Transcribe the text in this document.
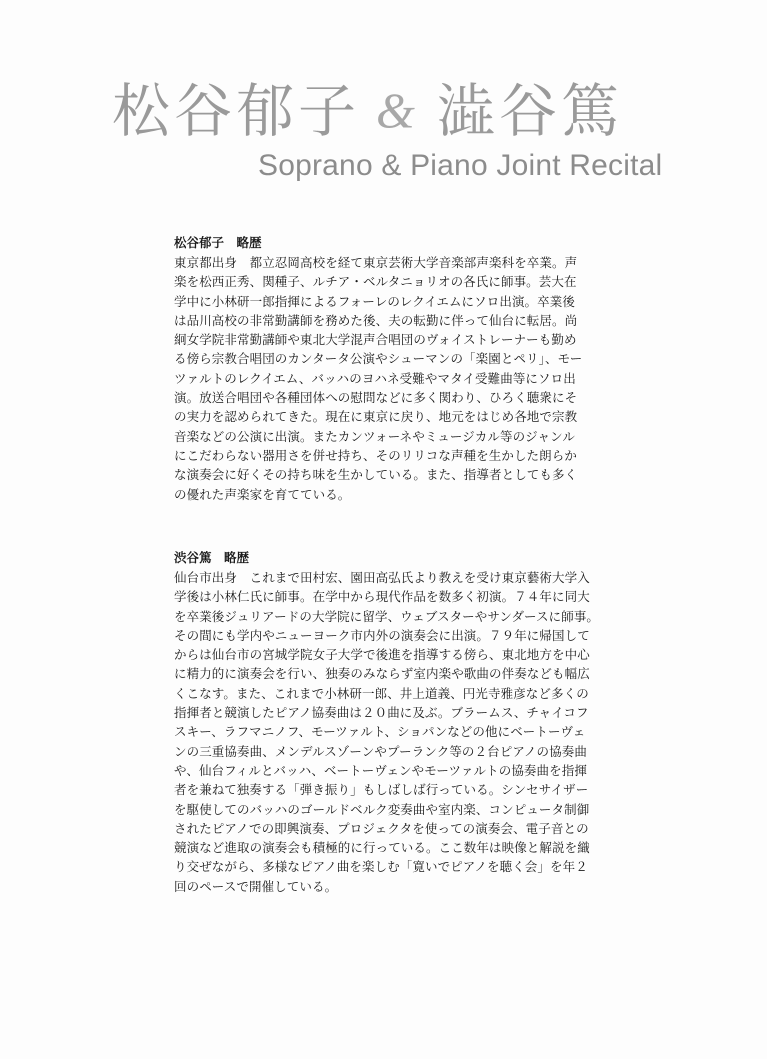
松谷郁子 & 澁谷篤
Soprano & Piano Joint Recital

松谷郁子　略歴

東京都出身　都立忍岡高校を経て東京芸術大学音楽部声楽科を卒業。声
楽を松西正秀、関種子、ルチア・ベルタニョリオの各氏に師事。芸大在
学中に小林研一郎指揮によるフォーレのレクイエムにソロ出演。卒業後
は品川高校の非常勤講師を務めた後、夫の転勤に伴って仙台に転居。尚
絅女学院非常勤講師や東北大学混声合唱団のヴォイストレーナーも勤め
る傍ら宗教合唱団のカンタータ公演やシューマンの「楽園とペリ」、モー
ツァルトのレクイエム、バッハのヨハネ受難やマタイ受難曲等にソロ出
演。放送合唱団や各種団体への慰問などに多く関わり、ひろく聴衆にそ
の実力を認められてきた。現在に東京に戻り、地元をはじめ各地で宗教
音楽などの公演に出演。またカンツォーネやミュージカル等のジャンル
にこだわらない器用さを併せ持ち、そのリリコな声種を生かした朗らか
な演奏会に好くその持ち味を生かしている。また、指導者としても多く
の優れた声楽家を育てている。

渋谷篤　略歴

仙台市出身　これまで田村宏、園田高弘氏より教えを受け東京藝術大学入
学後は小林仁氏に師事。在学中から現代作品を数多く初演。７４年に同大
を卒業後ジュリアードの大学院に留学、ウェブスターやサンダースに師事。
その間にも学内やニューヨーク市内外の演奏会に出演。７９年に帰国して
からは仙台市の宮城学院女子大学で後進を指導する傍ら、東北地方を中心
に精力的に演奏会を行い、独奏のみならず室内楽や歌曲の伴奏なども幅広
くこなす。また、これまで小林研一郎、井上道義、円光寺雅彦など多くの
指揮者と競演したピアノ協奏曲は２０曲に及ぶ。ブラームス、チャイコフ
スキー、ラフマニノフ、モーツァルト、ショパンなどの他にベートーヴェ
ンの三重協奏曲、メンデルスゾーンやプーランク等の２台ピアノの協奏曲
や、仙台フィルとバッハ、ベートーヴェンやモーツァルトの協奏曲を指揮
者を兼ねて独奏する「弾き振り」もしばしば行っている。シンセサイザー
を駆使してのバッハのゴールドベルク変奏曲や室内楽、コンピュータ制御
されたピアノでの即興演奏、プロジェクタを使っての演奏会、電子音との
競演など進取の演奏会も積極的に行っている。ここ数年は映像と解説を織
り交ぜながら、多様なピアノ曲を楽しむ「寛いでピアノを聴く会」を年２
回のペースで開催している。
